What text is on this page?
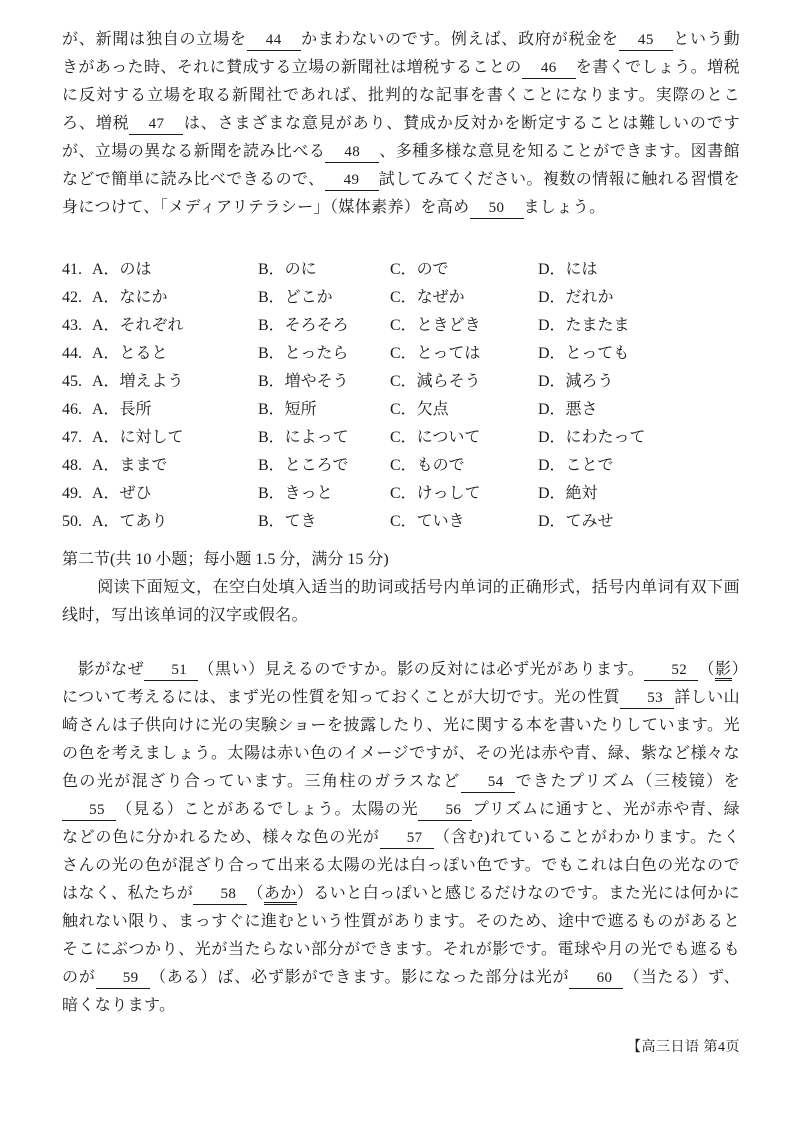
が、新聞は独自の立場を 44 かまわないのです。例えば、政府が税金を 45 という動きがあった時、それに賛成する立場の新聞社は増税することの 46 を書くでしょう。増税に反対する立場を取る新聞社であれば、批判的な記事を書くことになります。実際のところ、増税 47 は、さまざまな意見があり、賛成か反対かを断定することは難しいのですが、立場の異なる新聞を読み比べる 48 、多種多様な意見を知ることができます。図書館などで簡単に読み比べできるので、 49 試してみてください。複数の情報に触れる習慣を身につけて、「メディアリテラシー」（媒体素养）を高め 50 ましょう。

41. A．のは	B．のに	C．ので	D．には
42. A．なにか	B．どこか	C．なぜか	D．だれか
43. A．それぞれ	B．そろそろ	C．ときどき	D．たまたま
44. A．とると	B．とったら	C．とっては	D．とっても
45. A．増えよう	B．増やそう	C．減らそう	D．減ろう
46. A．長所	B．短所	C．欠点	D．悪さ
47. A．に対して	B．によって	C．について	D．にわたって
48. A．ままで	B．ところで	C．もので	D．ことで
49. A．ぜひ	B．きっと	C．けっして	D．絶対
50. A．てあり	B．てき	C．ていき	D．てみせ
第二节(共 10 小题；每小题 1.5 分，满分 15 分)

阅读下面短文，在空白处填入适当的助词或括号内单词的正确形式，括号内单词有双下画线时，写出该单词的汉字或假名。

影がなぜ 51 （黒い）見えるのですか。影の反対には必ず光があります。 52 （影）について考えるには、まず光の性質を知っておくことが大切です。光の性質 53 詳しい山崎さんは子供向けに光の実験ショーを披露したり、光に関する本を書いたりしています。光の色を考えましょう。太陽は赤い色のイメージですが、その光は赤や青、緑、紫など様々な色の光が混ざり合っています。三角柱のガラスなど 54 できたプリズム（三棱镜）を55 （見る）ことがあるでしょう。太陽の光 56 プリズムに通すと、光が赤や青、緑などの色に分かれるため、様々な色の光が 57 （含む)れていることがわかります。たくさんの光の色が混ざり合って出来る太陽の光は白っぽい色です。でもこれは白色の光なのではなく、私たちが 58 （あか）るいと白っぽいと感じるだけなのです。また光には何かに触れない限り、まっすぐに進むという性質があります。そのため、途中で遮るものがあるとそこにぶつかり、光が当たらない部分ができます。それが影です。電球や月の光でも遮るものが 59 （ある）ば、必ず影ができます。影になった部分は光が 60 （当たる）ず、暗くなります。

【高三日语 第4页
